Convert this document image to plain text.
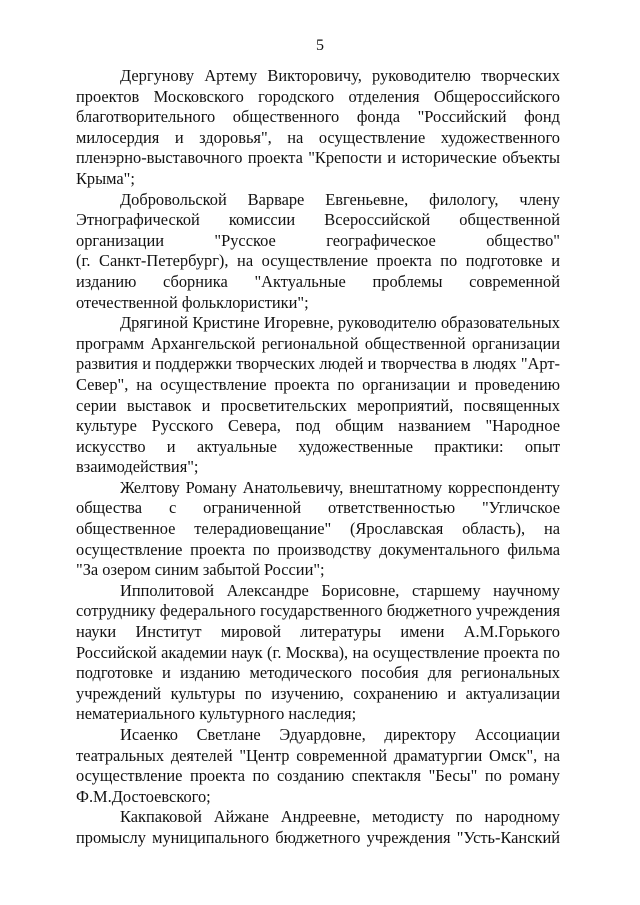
5
Дергунову Артему Викторовичу, руководителю творческих
проектов Московского городского отделения Общероссийского
благотворительного общественного фонда "Российский фонд
милосердия и здоровья", на осуществление художественного
пленэрно-выставочного проекта "Крепости и исторические объекты
Крыма";
Добровольской Варваре Евгеньевне, филологу, члену
Этнографической комиссии Всероссийской общественной
организации "Русское географическое общество"
(г. Санкт-Петербург), на осуществление проекта по подготовке и
изданию сборника "Актуальные проблемы современной
отечественной фольклористики";
Дрягиной Кристине Игоревне, руководителю образовательных
программ Архангельской региональной общественной организации
развития и поддержки творческих людей и творчества в людях "Арт-
Север", на осуществление проекта по организации и проведению
серии выставок и просветительских мероприятий, посвященных
культуре Русского Севера, под общим названием "Народное
искусство и актуальные художественные практики: опыт
взаимодействия";
Желтову Роману Анатольевичу, внештатному корреспонденту
общества с ограниченной ответственностью "Угличское
общественное телерадиовещание" (Ярославская область), на
осуществление проекта по производству документального фильма
"За озером синим забытой России";
Ипполитовой Александре Борисовне, старшему научному
сотруднику федерального государственного бюджетного учреждения
науки Институт мировой литературы имени А.М.Горького
Российской академии наук (г. Москва), на осуществление проекта по
подготовке и изданию методического пособия для региональных
учреждений культуры по изучению, сохранению и актуализации
нематериального культурного наследия;
Исаенко Светлане Эдуардовне, директору Ассоциации
театральных деятелей "Центр современной драматургии Омск", на
осуществление проекта по созданию спектакля "Бесы" по роману
Ф.М.Достоевского;
Какпаковой Айжане Андреевне, методисту по народному
промыслу муниципального бюджетного учреждения "Усть-Канский
